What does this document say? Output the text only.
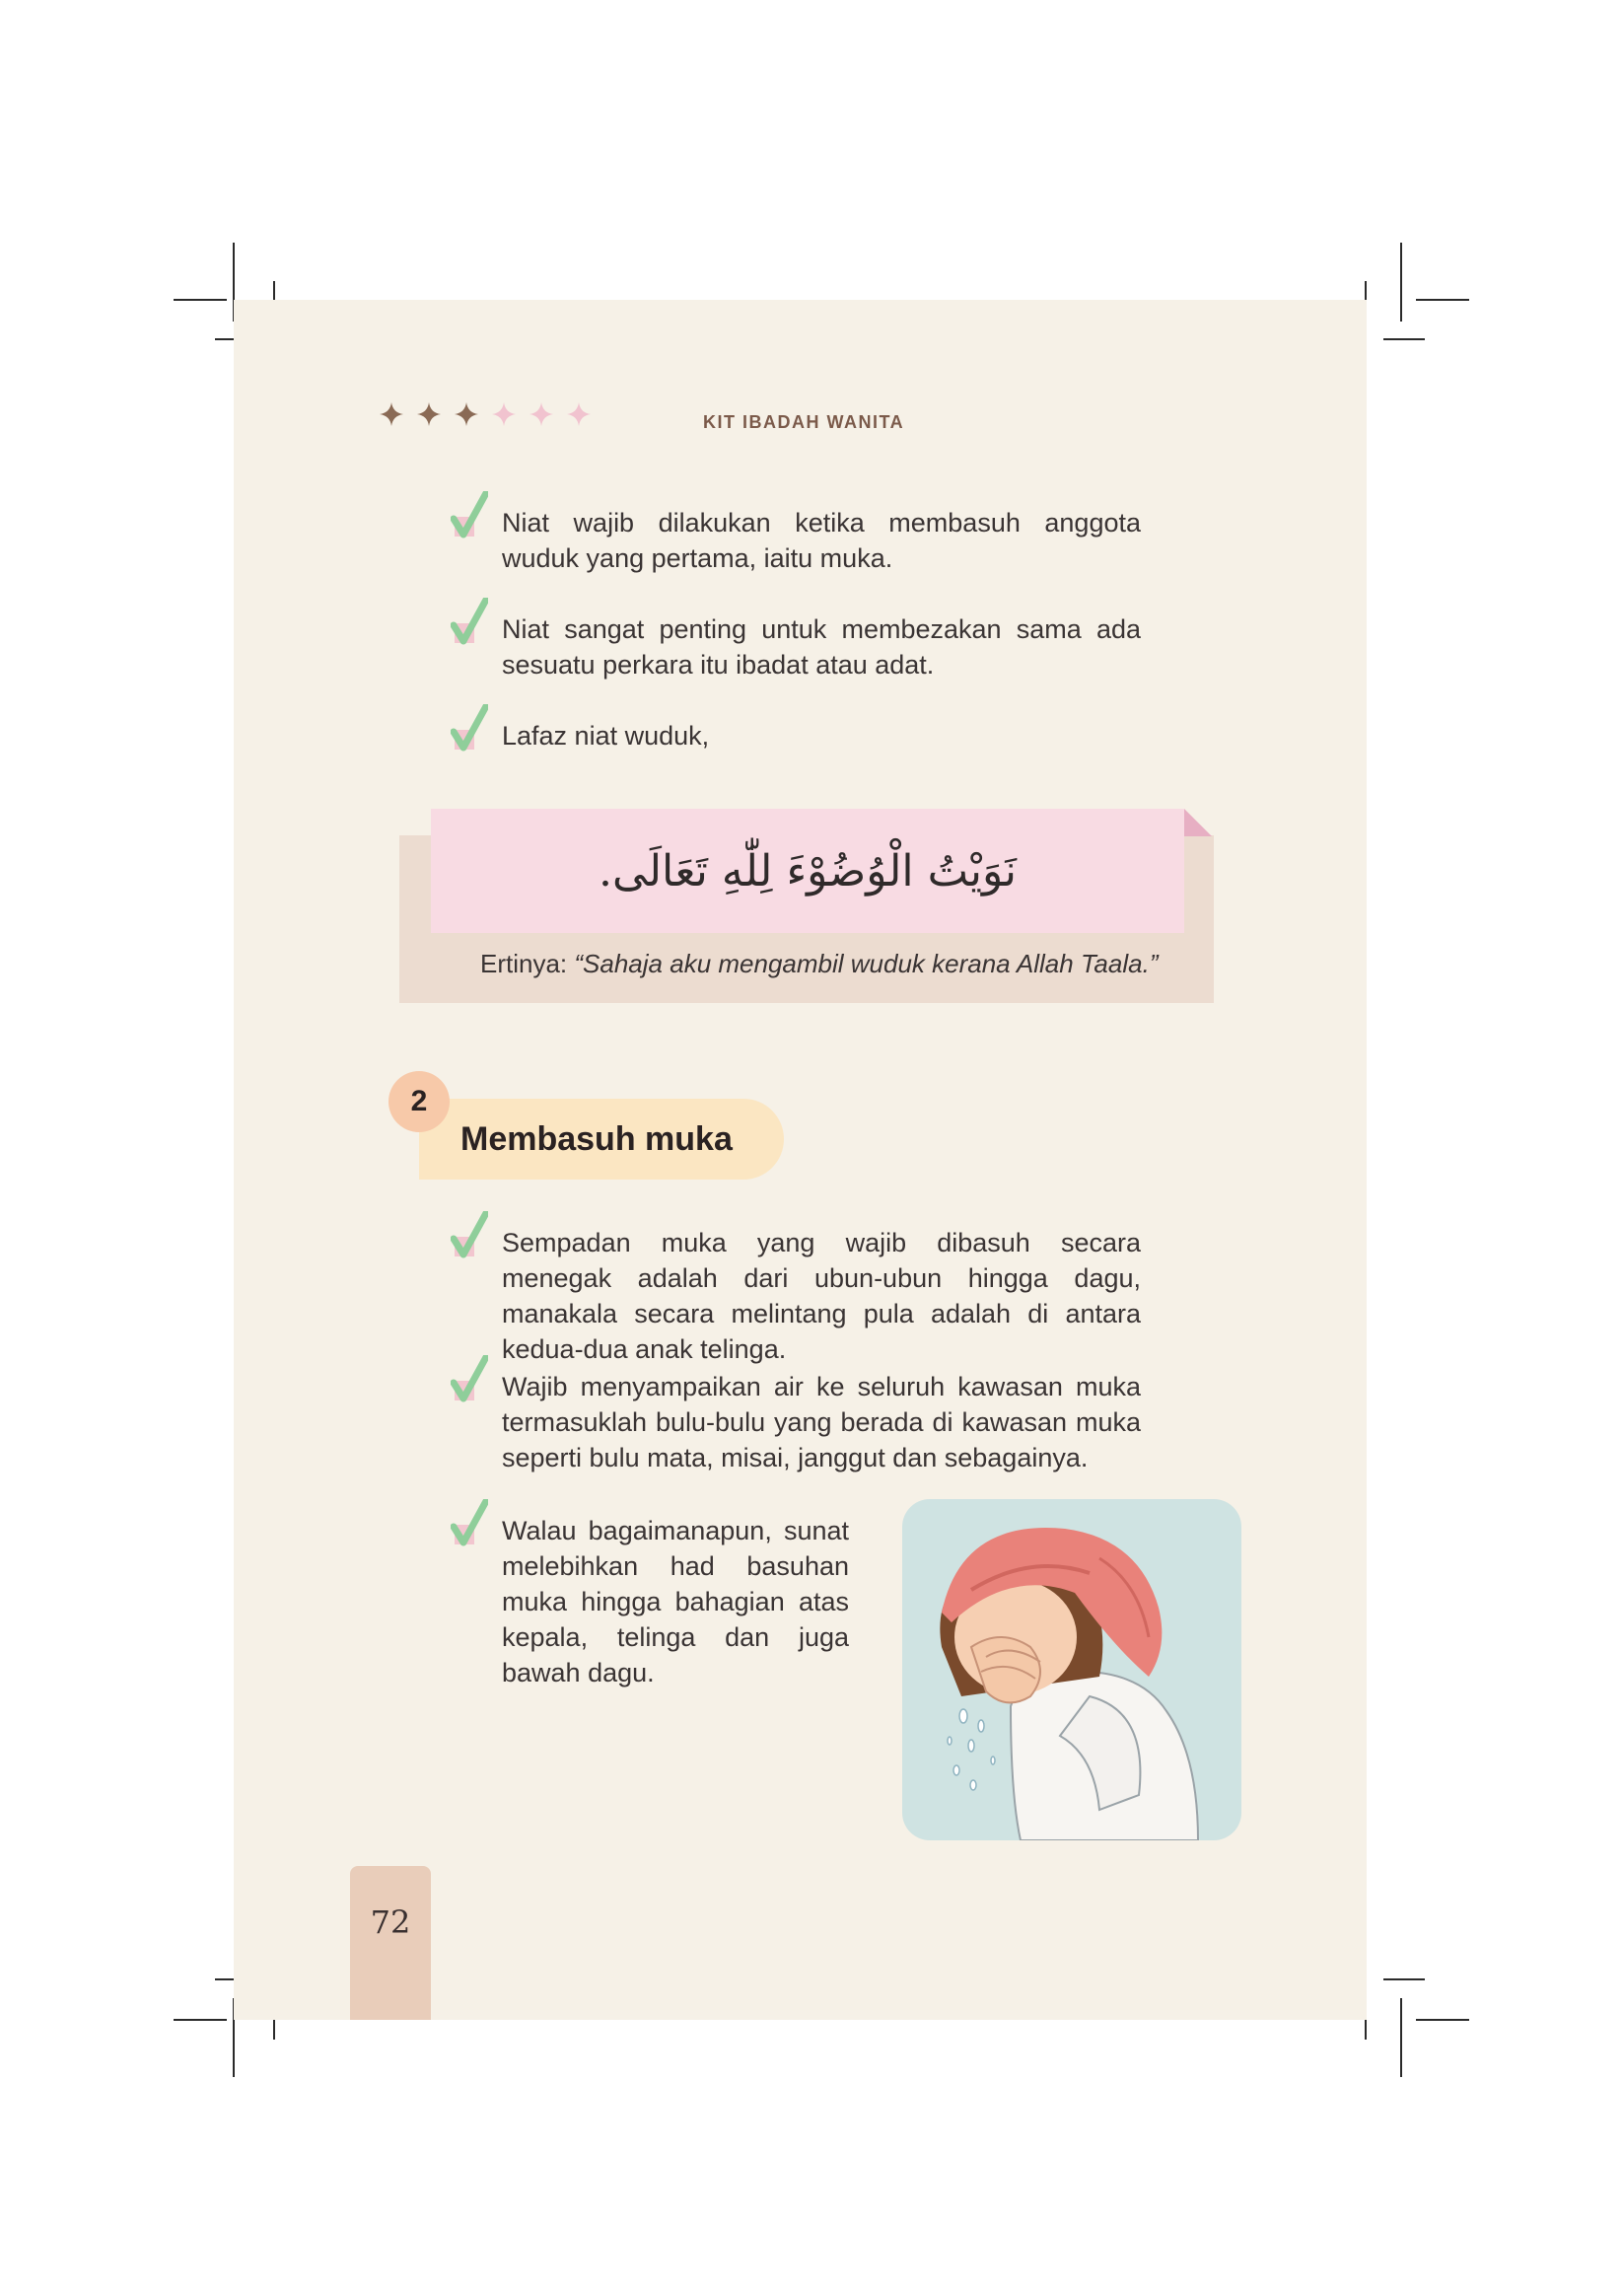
KIT IBADAH WANITA
Niat wajib dilakukan ketika membasuh anggota wuduk yang pertama, iaitu muka.
Niat sangat penting untuk membezakan sama ada sesuatu perkara itu ibadat atau adat.
Lafaz niat wuduk,
نَوَيْتُ الْوُضُوْءَ لِلّٰهِ تَعَالَى.
Ertinya: “Sahaja aku mengambil wuduk kerana Allah Taala.”
Membasuh muka
2
Sempadan muka yang wajib dibasuh secara menegak adalah dari ubun-ubun hingga dagu, manakala secara melintang pula adalah di antara kedua-dua anak telinga.
Wajib menyampaikan air ke seluruh kawasan muka termasuklah bulu-bulu yang berada di kawasan muka seperti bulu mata, misai, janggut dan sebagainya.
Walau bagaimanapun, sunat melebihkan had basuhan muka hingga bahagian atas kepala, telinga dan juga bawah dagu.
72
